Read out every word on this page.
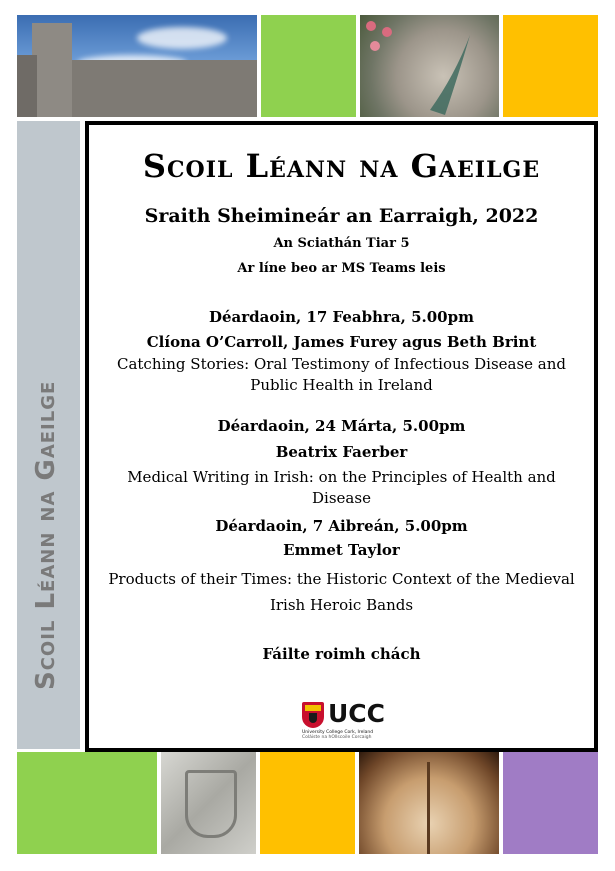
Scoil Léann na Gaeilge
Scoil Léann na Gaeilge
Sraith Sheimineár an Earraigh, 2022
An Sciathán Tiar 5
Ar líne beo ar MS Teams leis
Déardaoin, 17 Feabhra, 5.00pm
Clíona O’Carroll, James Furey agus Beth Brint
Catching Stories: Oral Testimony of Infectious Disease and Public Health in Ireland
Déardaoin, 24 Márta, 5.00pm
Beatrix Faerber
Medical Writing in Irish: on the Principles of Health and Disease
Déardaoin, 7 Aibreán, 5.00pm
Emmet Taylor
Products of their Times: the Historic Context of the Medieval Irish Heroic Bands
Fáilte roimh chách
UCC
University College Cork, Ireland
Coláiste na hOllscoile Corcaigh
